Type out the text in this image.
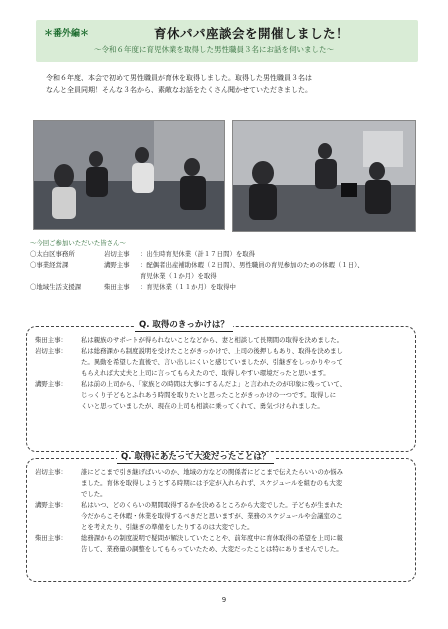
＊番外編＊	育休パパ座談会を開催しました！
～令和６年度に育児休業を取得した男性職員３名にお話を伺いました～
令和６年度、本会で初めて男性職員が育休を取得しました。取得した男性職員３名は
なんと全員同期！そんな３名から、素敵なお話をたくさん聞かせていただきました。
～今回ご参加いただいた皆さん～
〇太白区事務所	岩切主事 ：出生時育児休業（計１７日間）を取得
〇事業経営課	溝野主事 ：配偶者出産補助休暇（２日間）、男性職員の育児参加のための休暇（１日）、
育児休業（１か月）を取得
〇地域生活支援課	柴田主事 ：育児休業（１１か月）を取得中
Q. 取得のきっかけは？
柴田主事： 私は親族のサポートが得られないことなどから、妻と相談して長期間の取得を決めました。
岩切主事： 私は総務課から制度説明を受けたことがきっかけで、上司の後押しもあり、取得を決めまし
た。異動を希望した直後で、言い出しにくいと感じていましたが、引継ぎをしっかりやって
もらえれば大丈夫と上司に言ってもらえたので、取得しやすい環境だったと思います。
溝野主事： 私は前の上司から、「家族との時間は大事にするんだよ」と言われたのが印象に残っていて、
じっくり子どもとふれあう時間を取りたいと思ったことがきっかけの一つです。取得しに
くいと思っていましたが、現在の上司も相談に乗ってくれて、勇気づけられました。
Q. 取得にあたって大変だったことは？
岩切主事： 誰にどこまで引き継げばいいのか、地域の方などの関係者にどこまで伝えたらいいのか悩み
ました。育休を取得しようとする時期には予定が入れられず、スケジュールを組むのも大変
でした。
溝野主事： 私はいつ、どのくらいの期間取得するかを決めるところから大変でした。子どもが生まれた
今だからこそ休暇・休業を取得するべきだと思いますが、業務のスケジュールや会議室のこ
とを考えたり、引継ぎの準備をしたりするのは大変でした。
柴田主事： 総務課からの制度説明で疑問が解決していたことや、前年度中に育休取得の希望を上司に報
告して、業務量の調整をしてもらっていたため、大変だったことは特にありませんでした。
9
